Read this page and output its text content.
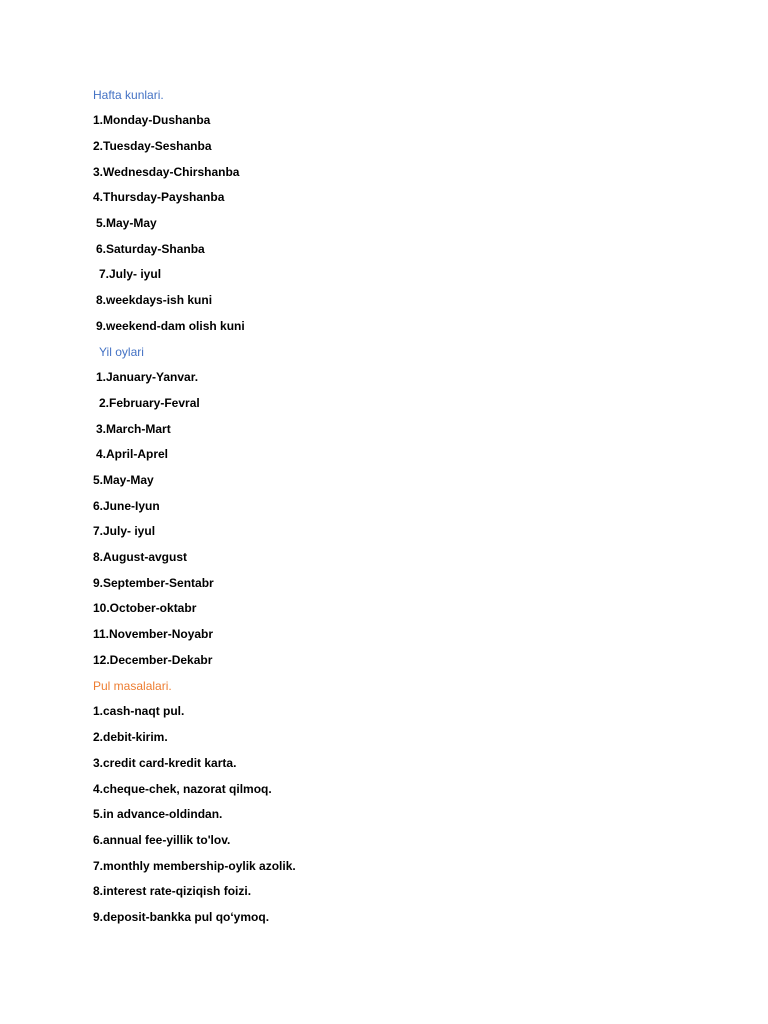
Hafta kunlari.
1.Monday-Dushanba
2.Tuesday-Seshanba
3.Wednesday-Chirshanba
4.Thursday-Payshanba
5.May-May
6.Saturday-Shanba
7.July- iyul
8.weekdays-ish kuni
9.weekend-dam olish kuni
Yil oylari
1.January-Yanvar.
2.February-Fevral
3.March-Mart
4.April-Aprel
5.May-May
6.June-Iyun
7.July- iyul
8.August-avgust
9.September-Sentabr
10.October-oktabr
11.November-Noyabr
12.December-Dekabr
Pul masalalari.
1.cash-naqt pul.
2.debit-kirim.
3.credit card-kredit karta.
4.cheque-chek, nazorat qilmoq.
5.in advance-oldindan.
6.annual fee-yillik to'lov.
7.monthly membership-oylik azolik.
8.interest rate-qiziqish foizi.
9.deposit-bankka pul qo‘ymoq.
